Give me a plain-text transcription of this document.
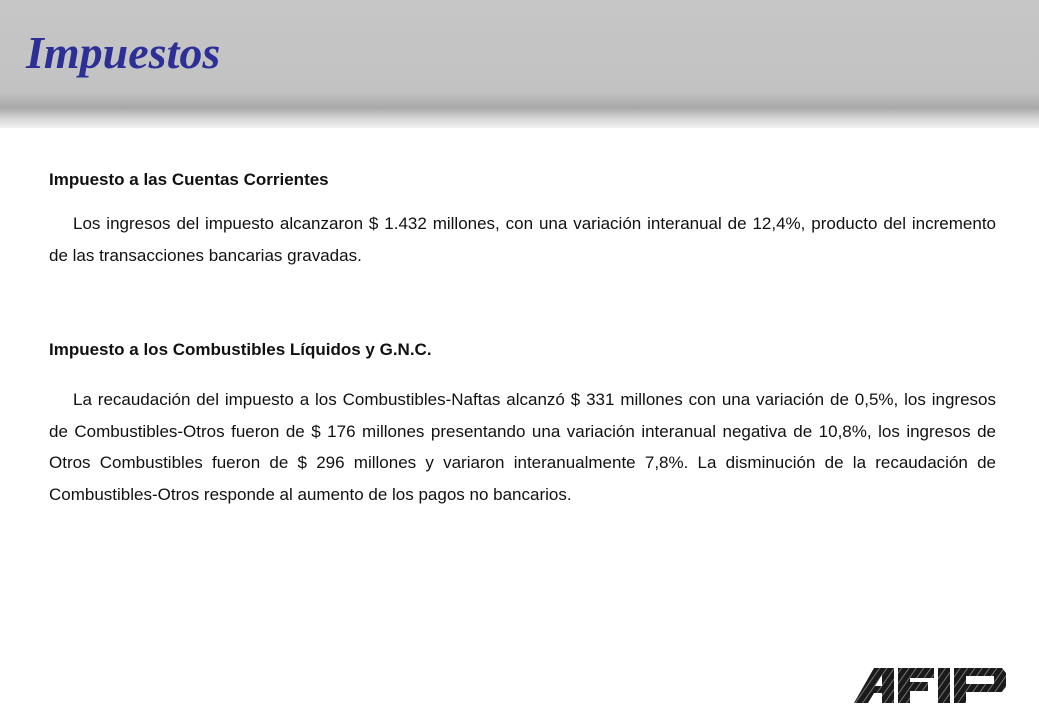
Impuestos
Impuesto a las Cuentas Corrientes

Los ingresos del impuesto alcanzaron $ 1.432 millones, con una variación interanual de 12,4%, producto del incremento de las transacciones bancarias gravadas.

Impuesto a los Combustibles Líquidos y G.N.C.

La recaudación del impuesto a los Combustibles-Naftas alcanzó $ 331 millones con una variación de 0,5%, los ingresos de Combustibles-Otros fueron de $ 176 millones presentando una variación interanual negativa de 10,8%, los ingresos de Otros Combustibles fueron de $ 296 millones y variaron interanualmente 7,8%. La disminución de la recaudación de Combustibles-Otros responde al aumento de los pagos no bancarios.
